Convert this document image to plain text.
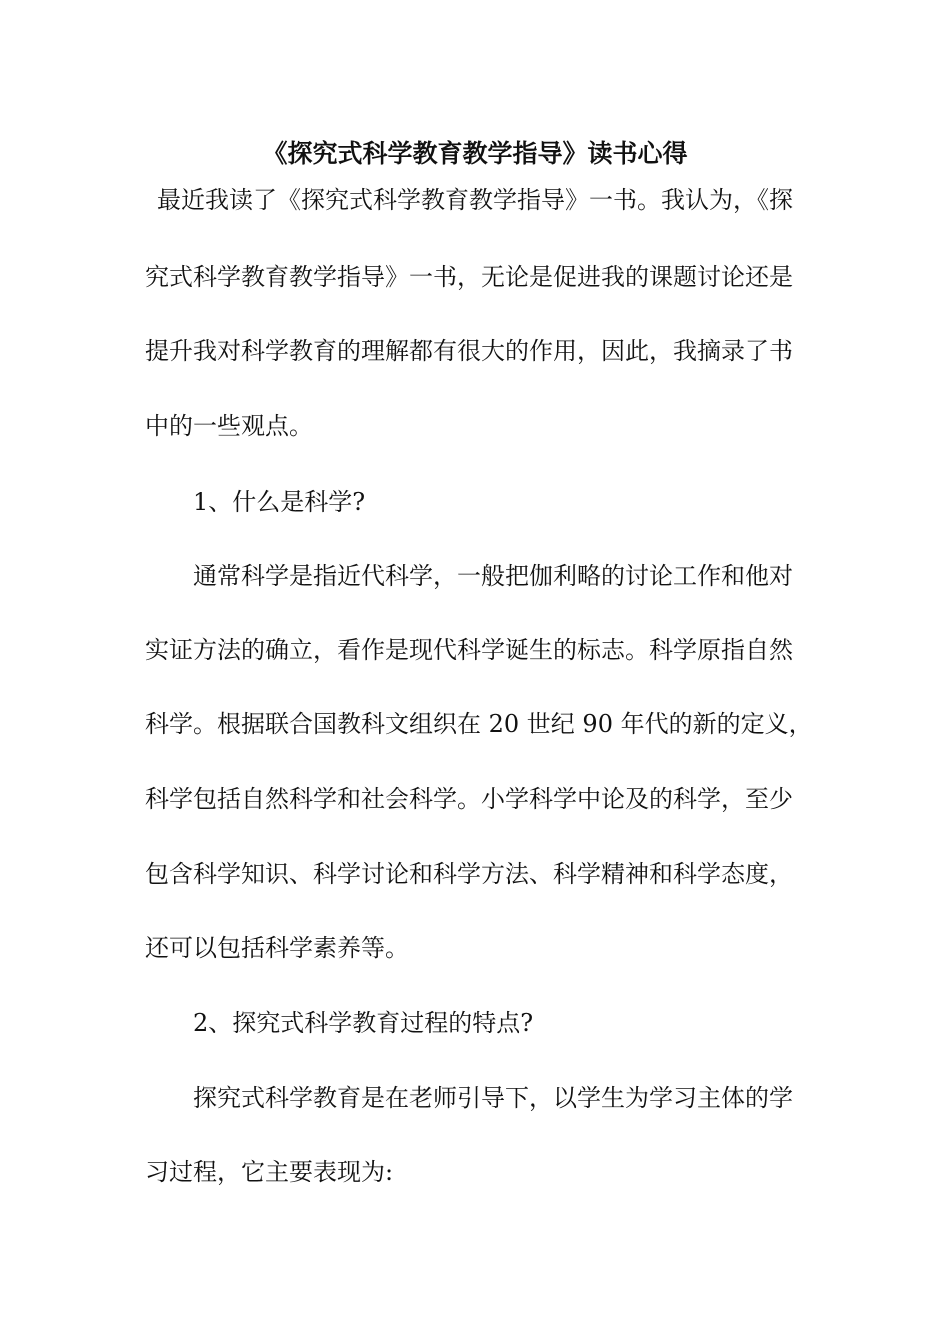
《探究式科学教育教学指导》读书心得
最近我读了《探究式科学教育教学指导》一书。我认为，《探
究式科学教育教学指导》一书，无论是促进我的课题讨论还是
提升我对科学教育的理解都有很大的作用，因此，我摘录了书
中的一些观点。
1、什么是科学?
通常科学是指近代科学，一般把伽利略的讨论工作和他对
实证方法的确立，看作是现代科学诞生的标志。科学原指自然
科学。根据联合国教科文组织在 20 世纪 90 年代的新的定义，
科学包括自然科学和社会科学。小学科学中论及的科学，至少
包含科学知识、科学讨论和科学方法、科学精神和科学态度，
还可以包括科学素养等。
2、探究式科学教育过程的特点?
探究式科学教育是在老师引导下，以学生为学习主体的学
习过程，它主要表现为:
